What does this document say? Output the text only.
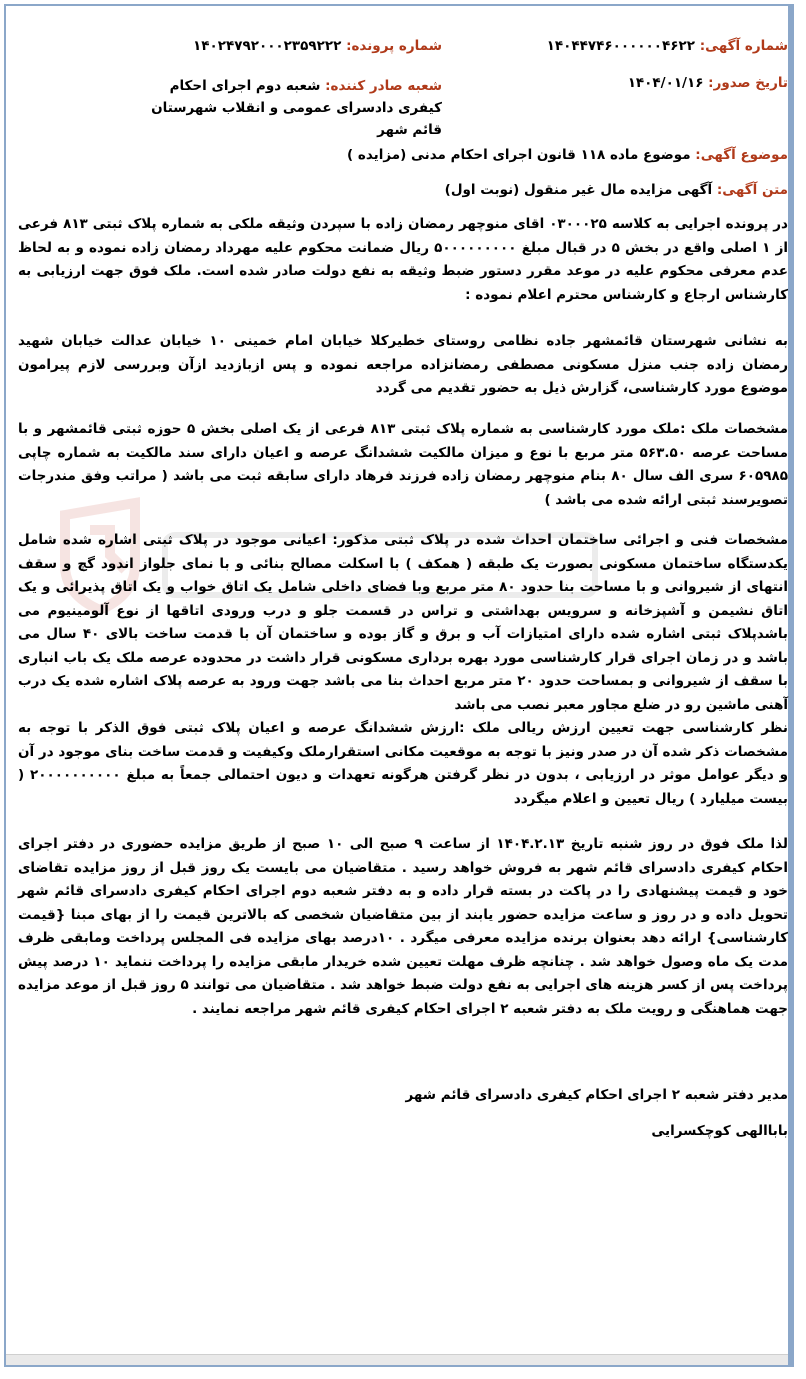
شماره آگهی: ۱۴۰۴۴۷۴۶۰۰۰۰۰۰۴۶۲۲
شماره پرونده: ۱۴۰۲۴۷۹۲۰۰۰۲۳۵۹۲۲۲
تاریخ صدور: ۱۴۰۴/۰۱/۱۶
شعبه صادر کننده: شعبه دوم اجرای احکام کیفری دادسرای عمومی و انقلاب شهرستان قائم شهر
موضوع آگهی: موضوع ماده ۱۱۸ قانون اجرای احکام مدنی (مزایده )
متن آگهی: آگهی مزایده مال غیر منقول (نوبت اول)

در پرونده اجرایی به کلاسه ۰۳۰۰۰۲۵ اقای منوچهر رمضان زاده با سپردن وثیقه ملکی به شماره پلاک ثبتی ۸۱۳ فرعی از ۱ اصلی واقع در بخش ۵ در قبال مبلغ ۵۰۰۰۰۰۰۰۰۰ ریال ضمانت محکوم علیه مهرداد رمضان زاده نموده و به لحاظ عدم معرفی محکوم علیه در موعد مقرر دستور ضبط وثیقه به نفع دولت صادر شده است. ملک فوق جهت ارزیابی به کارشناس ارجاع و کارشناس محترم اعلام نموده :

به نشانی شهرستان قائمشهر جاده نظامی روستای خطیرکلا خیابان امام خمینی ۱۰ خیابان عدالت خیابان شهید رمضان زاده جنب منزل مسکونی مصطفی رمضانزاده مراجعه نموده و پس ازبازدید ازآن وبررسی لازم پیرامون موضوع مورد کارشناسی، گزارش ذیل به حضور تقدیم می گردد

مشخصات ملک :ملک مورد کارشناسی به شماره پلاک ثبتی ۸۱۳ فرعی از یک اصلی بخش ۵ حوزه ثبتی قائمشهر و با مساحت عرصه ۵۶۳.۵۰ متر مربع با نوع و میزان مالکیت ششدانگ عرصه و اعیان دارای سند مالکیت به شماره چاپی ۶۰۵۹۸۵ سری الف سال ۸۰ بنام منوچهر رمضان زاده فرزند فرهاد دارای سابقه ثبت می باشد ( مراتب وفق مندرجات تصویرسند ثبتی ارائه شده می باشد )

مشخصات فنی و اجرائی ساختمان احداث شده در پلاک ثبتی مذکور: اعیانی موجود در پلاک ثبتی اشاره شده شامل یکدستگاه ساختمان مسکونی بصورت یک طبقه ( همکف ) با اسکلت مصالح بنائی و با نمای جلواز اندود گچ و سقف انتهای از شیروانی و با مساحت بنا حدود ۸۰ متر مربع وبا فضای داخلی شامل یک اتاق خواب و یک اتاق پذیرائی و یک اتاق نشیمن و آشپزخانه و سرویس بهداشتی و تراس در قسمت جلو و درب ورودی اتاقها از نوع آلومینیوم می باشدپلاک ثبتی اشاره شده دارای امتیازات آب و برق و گاز بوده و ساختمان آن با قدمت ساخت بالای ۴۰ سال می باشد و در زمان اجرای قرار کارشناسی مورد بهره برداری مسکونی قرار داشت در محدوده عرصه ملک یک باب انباری با سقف از شیروانی و بمساحت حدود ۲۰ متر مربع احداث بنا می باشد جهت ورود به عرصه پلاک اشاره شده یک درب آهنی ماشین رو در ضلع مجاور معبر نصب می باشد

نظر کارشناسی جهت تعیین ارزش ریالی ملک :ارزش ششدانگ عرصه و اعیان پلاک ثبتی فوق الذکر با توجه به مشخصات ذکر شده آن در صدر ونیز با توجه به موقعیت مکانی استقرارملک وکیفیت و قدمت ساخت بنای موجود در آن و دیگر عوامل موثر در ارزیابی ، بدون در نظر گرفتن هرگونه تعهدات و دیون احتمالی جمعاً به مبلغ ۲۰۰۰۰۰۰۰۰۰۰ ( بیست میلیارد ) ریال تعیین و اعلام میگردد

لذا ملک فوق در روز شنبه تاریخ ۱۴۰۴.۲.۱۳ از ساعت ۹ صبح الی ۱۰ صبح از طریق مزایده حضوری در دفتر اجرای احکام کیفری دادسرای قائم شهر به فروش خواهد رسید . متقاضیان می بایست یک روز قبل از روز مزایده تقاضای خود و قیمت پیشنهادی را در پاکت در بسته قرار داده و به دفتر شعبه دوم اجرای احکام کیفری دادسرای قائم شهر تحویل داده و در روز و ساعت مزایده حضور یابند از بین متقاضیان شخصی که بالاترین قیمت را از بهای مبنا {قیمت کارشناسی} ارائه دهد بعنوان برنده مزایده معرفی میگرد . ۱۰درصد بهای مزایده فی المجلس پرداخت ومابقی ظرف مدت یک ماه وصول خواهد شد . چنانچه ظرف مهلت تعیین شده خریدار مابقی مزایده را پرداخت ننماید ۱۰ درصد پیش پرداخت پس از کسر هزینه های اجرایی به نفع دولت ضبط خواهد شد . متقاضیان می توانند ۵ روز قبل از موعد مزایده جهت هماهنگی و رویت ملک به دفتر شعبه ۲ اجرای احکام کیفری قائم شهر مراجعه نمایند .

مدیر دفتر شعبه ۲ اجرای احکام کیفری دادسرای قائم شهر
باباالهی کوچکسرایی
